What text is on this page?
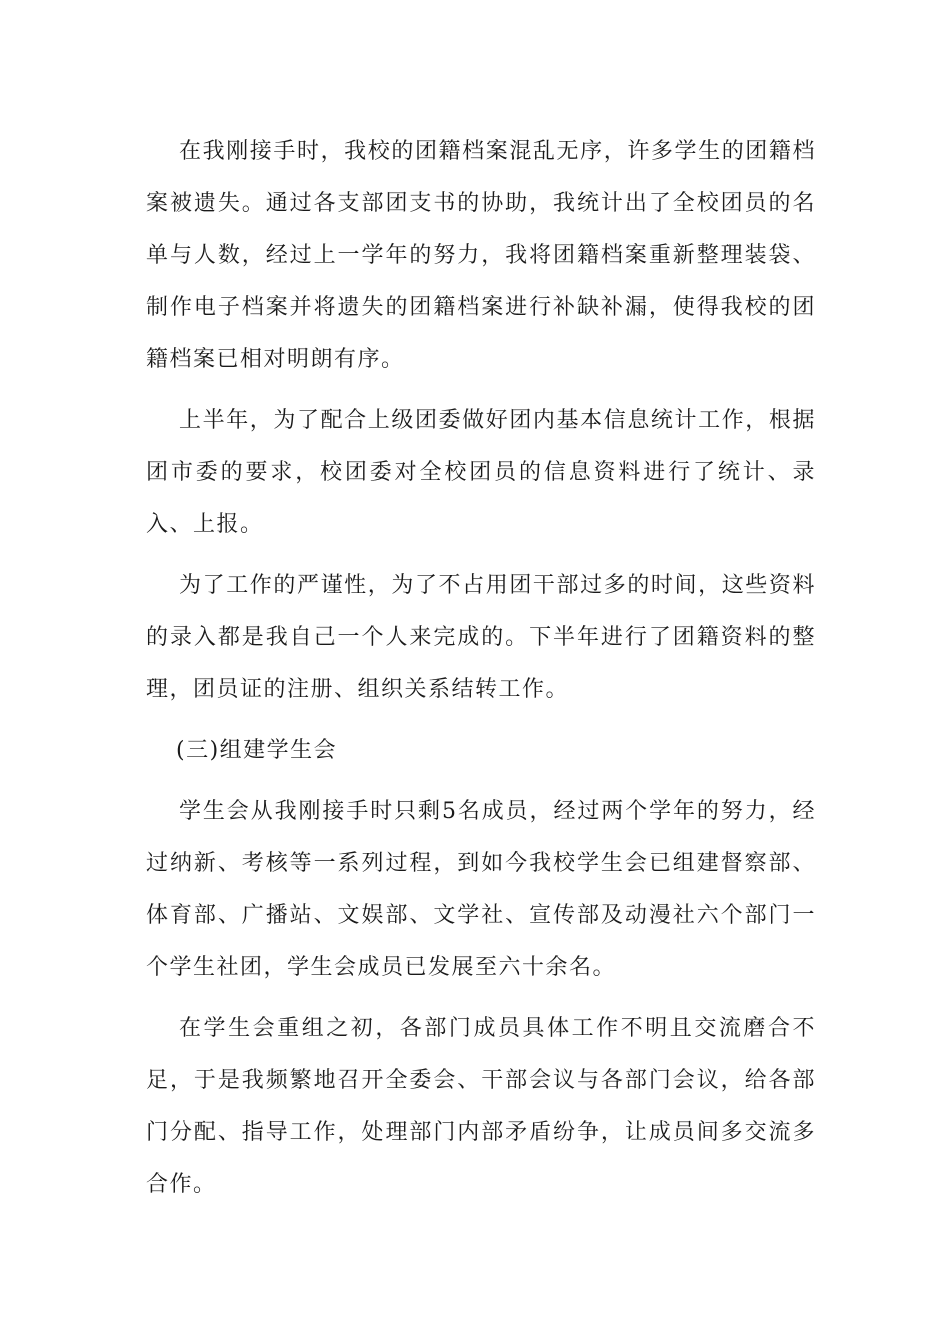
在我刚接手时，我校的团籍档案混乱无序，许多学生的团籍档案被遗失。通过各支部团支书的协助，我统计出了全校团员的名单与人数，经过上一学年的努力，我将团籍档案重新整理装袋、制作电子档案并将遗失的团籍档案进行补缺补漏，使得我校的团籍档案已相对明朗有序。

上半年，为了配合上级团委做好团内基本信息统计工作，根据团市委的要求，校团委对全校团员的信息资料进行了统计、录入、上报。

为了工作的严谨性，为了不占用团干部过多的时间，这些资料的录入都是我自己一个人来完成的。下半年进行了团籍资料的整理，团员证的注册、组织关系结转工作。

(三)组建学生会

学生会从我刚接手时只剩5名成员，经过两个学年的努力，经过纳新、考核等一系列过程，到如今我校学生会已组建督察部、体育部、广播站、文娱部、文学社、宣传部及动漫社六个部门一个学生社团，学生会成员已发展至六十余名。

在学生会重组之初，各部门成员具体工作不明且交流磨合不足，于是我频繁地召开全委会、干部会议与各部门会议，给各部门分配、指导工作，处理部门内部矛盾纷争，让成员间多交流多合作。
